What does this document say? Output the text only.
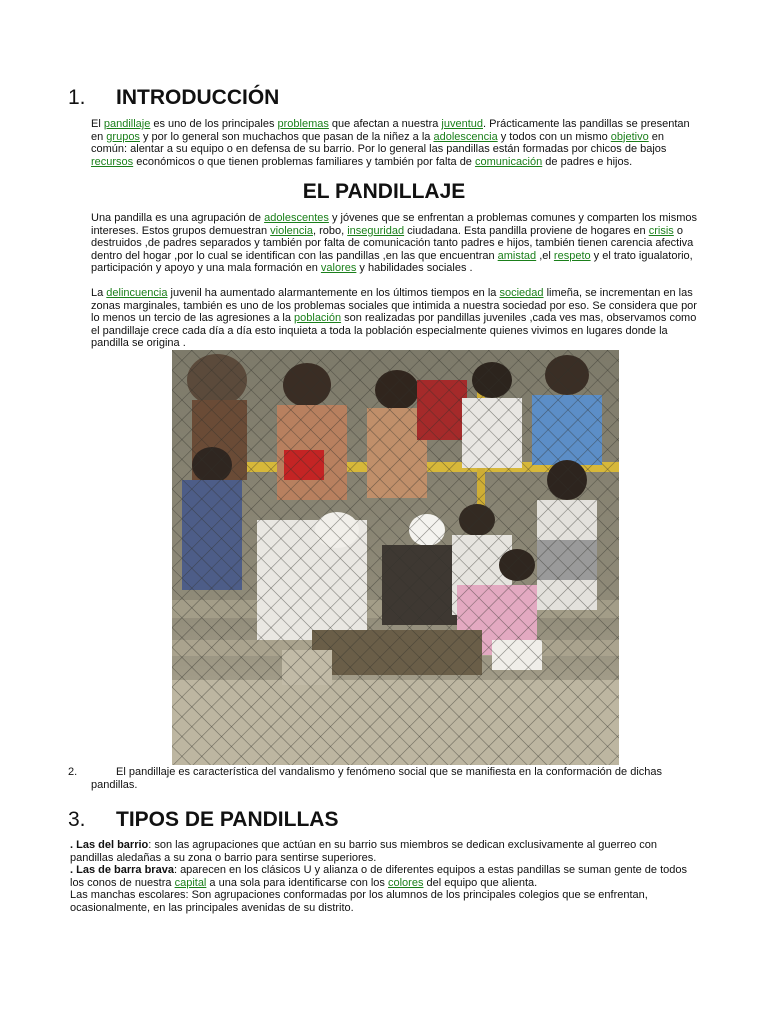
1.	INTRODUCCIÓN
El pandillaje es uno de los principales problemas que afectan a nuestra juventud. Prácticamente las pandillas se presentan en grupos y por lo general son muchachos que pasan de la niñez a la adolescencia y todos con un mismo objetivo en común: alentar a su equipo o en defensa de su barrio. Por lo general las pandillas están formadas por chicos de bajos recursos económicos o que tienen problemas familiares y también por falta de comunicación de padres e hijos.
EL PANDILLAJE
Una pandilla es una agrupación de adolescentes y jóvenes que se enfrentan a problemas comunes y comparten los mismos intereses. Estos grupos demuestran violencia, robo, inseguridad ciudadana. Esta pandilla proviene de hogares en crisis o destruidos ,de padres separados y también por falta de comunicación tanto padres e hijos, también tienen carencia afectiva dentro del hogar ,por lo cual se identifican con las pandillas ,en las que encuentran amistad ,el respeto y el trato igualatorio, participación y apoyo y una mala formación en valores y habilidades sociales .
La delincuencia juvenil ha aumentado alarmantemente en los últimos tiempos en la sociedad limeña, se incrementan en las zonas marginales, también es uno de los problemas sociales que intimida a nuestra sociedad por eso. Se considera que por lo menos un tercio de las agresiones a la población son realizadas por pandillas juveniles ,cada ves mas, observamos como el pandillaje crece cada día a día esto inquieta a toda la población especialmente quienes vivimos en lugares donde la pandilla se origina .
2.	El pandillaje es característica del vandalismo y fenómeno social que se manifiesta en la conformación de dichas pandillas.
3.	TIPOS DE PANDILLAS
. Las del barrio: son las agrupaciones que actúan en su barrio sus miembros se dedican exclusivamente al guerreo con pandillas aledañas a su zona o barrio para sentirse superiores.
. Las de barra brava: aparecen en los clásicos U y alianza o de diferentes equipos a estas pandillas se suman gente de todos los conos de nuestra capital a una sola para identificarse con los colores del equipo que alienta.
Las manchas escolares: Son agrupaciones conformadas por los alumnos de los principales colegios que se enfrentan, ocasionalmente, en las principales avenidas de su distrito.
